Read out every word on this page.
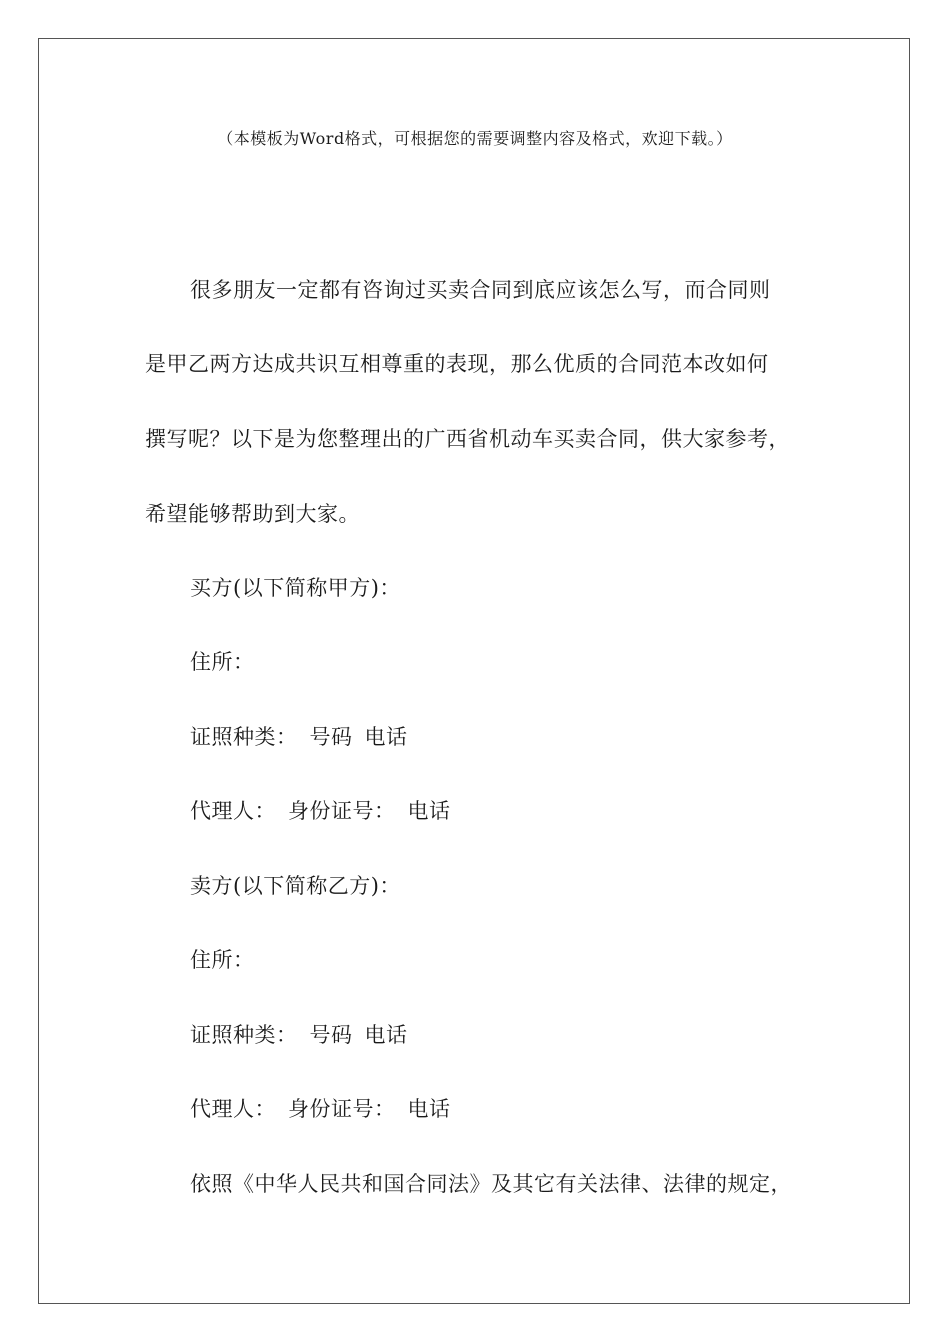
（本模板为Word格式，可根据您的需要调整内容及格式，欢迎下载。）
很多朋友一定都有咨询过买卖合同到底应该怎么写，而合同则
是甲乙两方达成共识互相尊重的表现，那么优质的合同范本改如何
撰写呢？以下是为您整理出的广西省机动车买卖合同，供大家参考，
希望能够帮助到大家。
买方(以下简称甲方)：
住所：
证照种类： 号码 电话
代理人： 身份证号： 电话
卖方(以下简称乙方)：
住所：
证照种类： 号码 电话
代理人： 身份证号： 电话
依照《中华人民共和国合同法》及其它有关法律、法律的规定，
